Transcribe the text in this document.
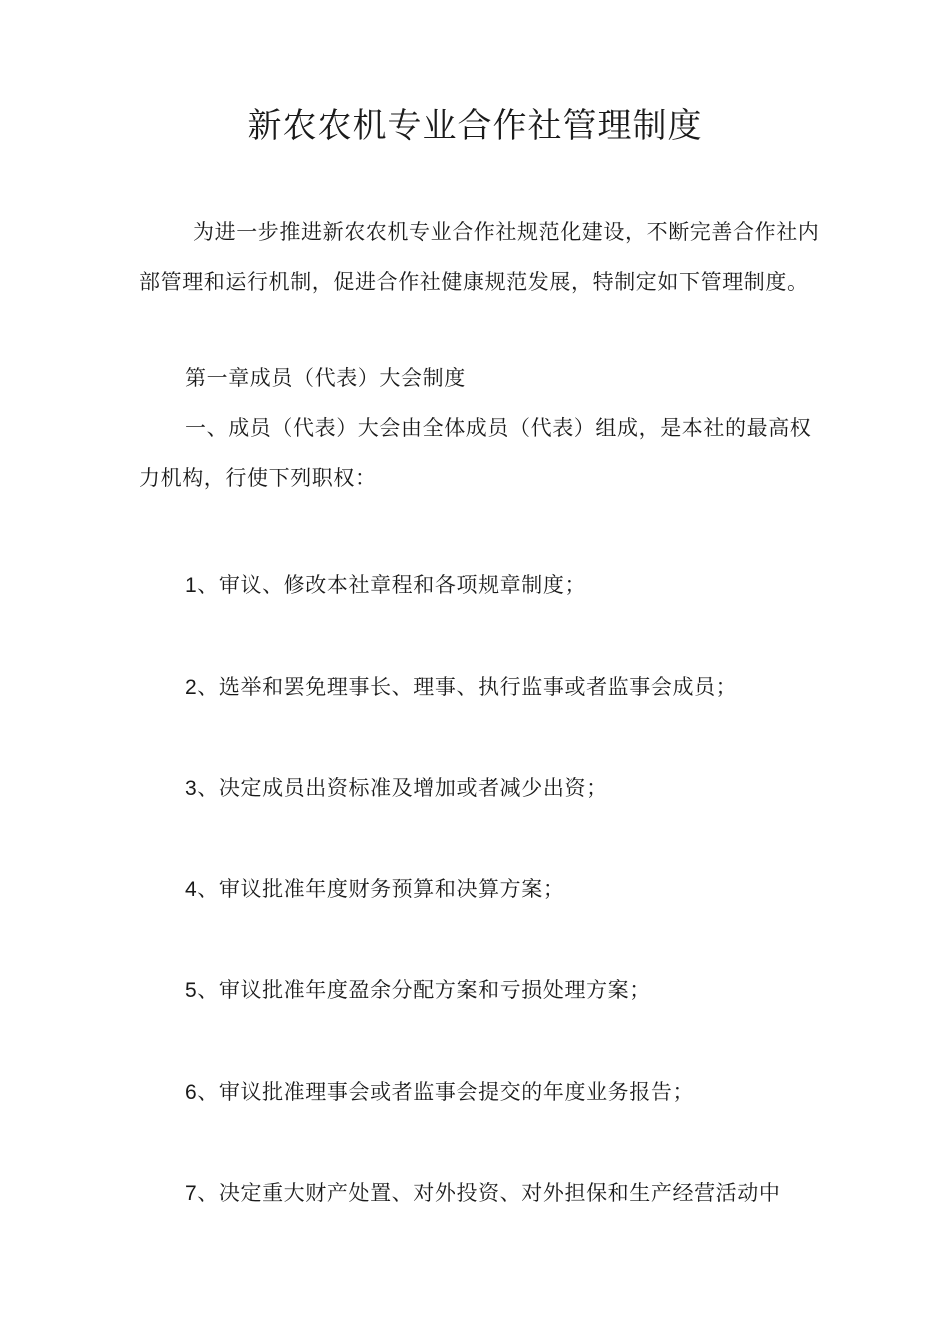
新农农机专业合作社管理制度

为进一步推进新农农机专业合作社规范化建设，不断完善合作社内部管理和运行机制，促进合作社健康规范发展，特制定如下管理制度。

第一章成员（代表）大会制度

一、成员（代表）大会由全体成员（代表）组成，是本社的最高权力机构，行使下列职权：

1、审议、修改本社章程和各项规章制度；

2、选举和罢免理事长、理事、执行监事或者监事会成员；

3、决定成员出资标准及增加或者减少出资；

4、审议批准年度财务预算和决算方案；

5、审议批准年度盈余分配方案和亏损处理方案；

6、审议批准理事会或者监事会提交的年度业务报告；

7、决定重大财产处置、对外投资、对外担保和生产经营活动中
